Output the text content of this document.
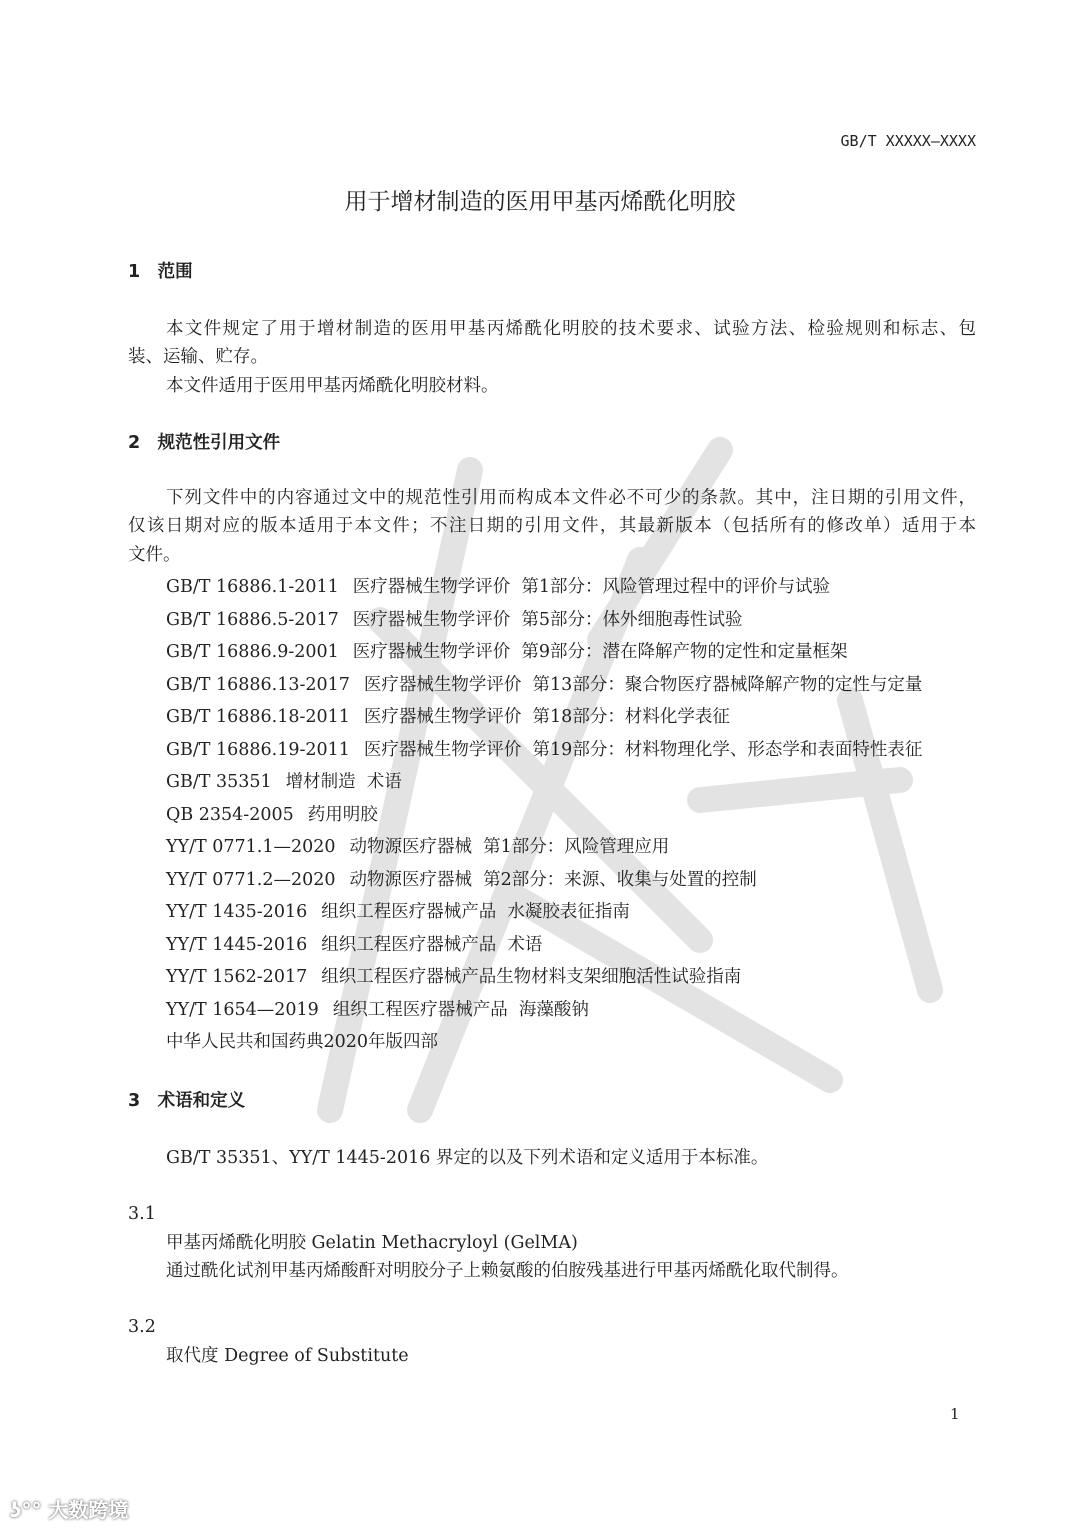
GB/T XXXXX—XXXX
用于增材制造的医用甲基丙烯酰化明胶
1　范围
本文件规定了用于增材制造的医用甲基丙烯酰化明胶的技术要求、试验方法、检验规则和标志、包
装、运输、贮存。
本文件适用于医用甲基丙烯酰化明胶材料。
2　规范性引用文件
下列文件中的内容通过文中的规范性引用而构成本文件必不可少的条款。其中，注日期的引用文件，
仅该日期对应的版本适用于本文件；不注日期的引用文件，其最新版本（包括所有的修改单）适用于本
文件。
GB/T 16886.1-2011 医疗器械生物学评价  第1部分：风险管理过程中的评价与试验
GB/T 16886.5-2017 医疗器械生物学评价  第5部分：体外细胞毒性试验
GB/T 16886.9-2001 医疗器械生物学评价  第9部分：潜在降解产物的定性和定量框架
GB/T 16886.13-2017 医疗器械生物学评价  第13部分：聚合物医疗器械降解产物的定性与定量
GB/T 16886.18-2011 医疗器械生物学评价  第18部分：材料化学表征
GB/T 16886.19-2011 医疗器械生物学评价  第19部分：材料物理化学、形态学和表面特性表征
GB/T 35351 增材制造  术语
QB 2354-2005 药用明胶
YY/T 0771.1—2020 动物源医疗器械  第1部分：风险管理应用
YY/T 0771.2—2020 动物源医疗器械  第2部分：来源、收集与处置的控制
YY/T 1435-2016 组织工程医疗器械产品  水凝胶表征指南
YY/T 1445-2016 组织工程医疗器械产品  术语
YY/T 1562-2017 组织工程医疗器械产品生物材料支架细胞活性试验指南
YY/T 1654—2019 组织工程医疗器械产品  海藻酸钠
中华人民共和国药典2020年版四部
3　术语和定义
GB/T 35351、YY/T 1445-2016 界定的以及下列术语和定义适用于本标准。
3.1
甲基丙烯酰化明胶 Gelatin Methacryloyl (GelMA)
通过酰化试剂甲基丙烯酸酐对明胶分子上赖氨酸的伯胺残基进行甲基丙烯酰化取代制得。
3.2
取代度 Degree of Substitute
1
ʖ°° 大数跨境
